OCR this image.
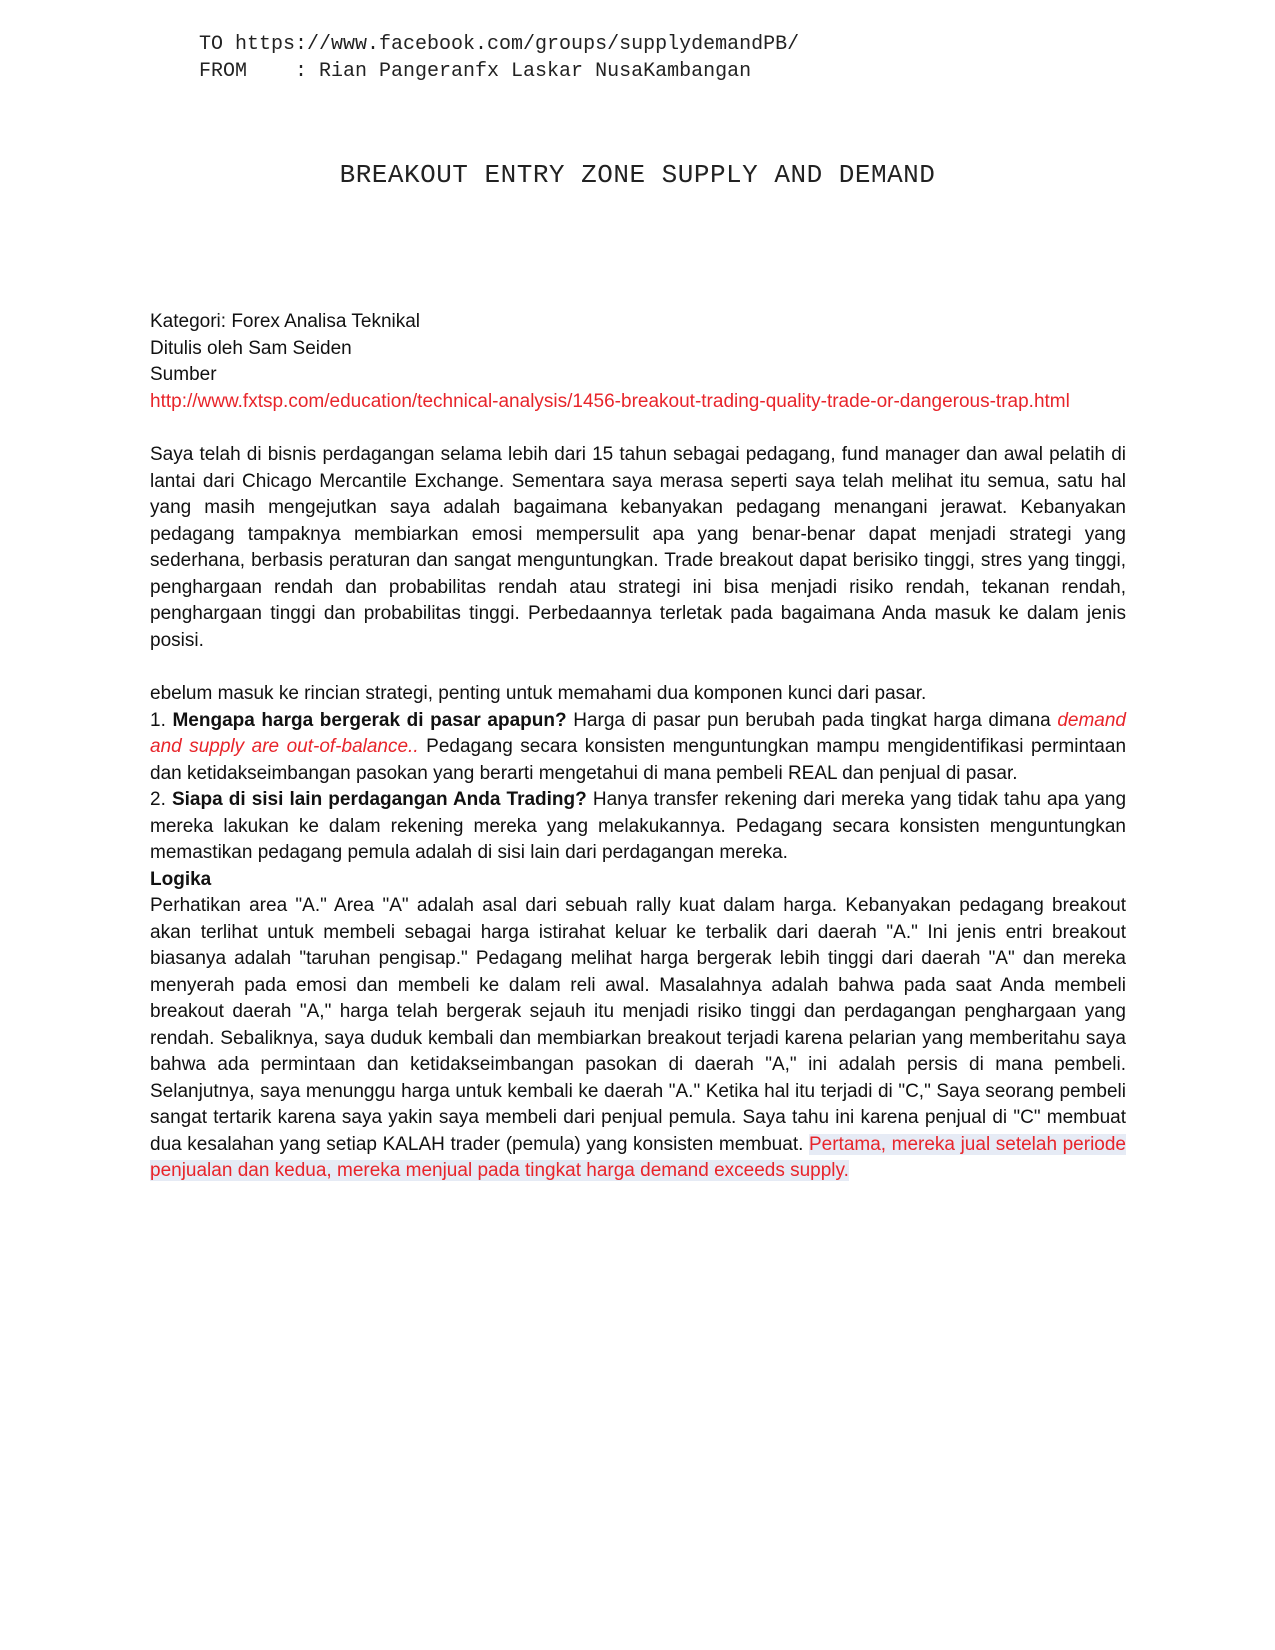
TO https://www.facebook.com/groups/supplydemandPB/
FROM    : Rian Pangeranfx Laskar NusaKambangan
BREAKOUT ENTRY ZONE SUPPLY AND DEMAND
Kategori: Forex Analisa Teknikal
Ditulis oleh Sam Seiden
Sumber
http://www.fxtsp.com/education/technical-analysis/1456-breakout-trading-quality-trade-or-dangerous-trap.html

Saya telah di bisnis perdagangan selama lebih dari 15 tahun sebagai pedagang, fund manager dan awal pelatih di lantai dari Chicago Mercantile Exchange. Sementara saya merasa seperti saya telah melihat itu semua, satu hal yang masih mengejutkan saya adalah bagaimana kebanyakan pedagang menangani jerawat. Kebanyakan pedagang tampaknya membiarkan emosi mempersulit apa yang benar-benar dapat menjadi strategi yang sederhana, berbasis peraturan dan sangat menguntungkan. Trade breakout dapat berisiko tinggi, stres yang tinggi, penghargaan rendah dan probabilitas rendah atau strategi ini bisa menjadi risiko rendah, tekanan rendah, penghargaan tinggi dan probabilitas tinggi. Perbedaannya terletak pada bagaimana Anda masuk ke dalam jenis posisi.

ebelum masuk ke rincian strategi, penting untuk memahami dua komponen kunci dari pasar.

1. Mengapa harga bergerak di pasar apapun? Harga di pasar pun berubah pada tingkat harga dimana demand and supply are out-of-balance.. Pedagang secara konsisten menguntungkan mampu mengidentifikasi permintaan dan ketidakseimbangan pasokan yang berarti mengetahui di mana pembeli REAL dan penjual di pasar.

2. Siapa di sisi lain perdagangan Anda Trading? Hanya transfer rekening dari mereka yang tidak tahu apa yang mereka lakukan ke dalam rekening mereka yang melakukannya. Pedagang secara konsisten menguntungkan memastikan pedagang pemula adalah di sisi lain dari perdagangan mereka.

Logika

Perhatikan area "A." Area "A" adalah asal dari sebuah rally kuat dalam harga. Kebanyakan pedagang breakout akan terlihat untuk membeli sebagai harga istirahat keluar ke terbalik dari daerah "A." Ini jenis entri breakout biasanya adalah "taruhan pengisap." Pedagang melihat harga bergerak lebih tinggi dari daerah "A" dan mereka menyerah pada emosi dan membeli ke dalam reli awal. Masalahnya adalah bahwa pada saat Anda membeli breakout daerah "A," harga telah bergerak sejauh itu menjadi risiko tinggi dan perdagangan penghargaan yang rendah. Sebaliknya, saya duduk kembali dan membiarkan breakout terjadi karena pelarian yang memberitahu saya bahwa ada permintaan dan ketidakseimbangan pasokan di daerah "A," ini adalah persis di mana pembeli. Selanjutnya, saya menunggu harga untuk kembali ke daerah "A." Ketika hal itu terjadi di "C," Saya seorang pembeli sangat tertarik karena saya yakin saya membeli dari penjual pemula. Saya tahu ini karena penjual di "C" membuat dua kesalahan yang setiap KALAH trader (pemula) yang konsisten membuat. Pertama, mereka jual setelah periode penjualan dan kedua, mereka menjual pada tingkat harga demand exceeds supply.
